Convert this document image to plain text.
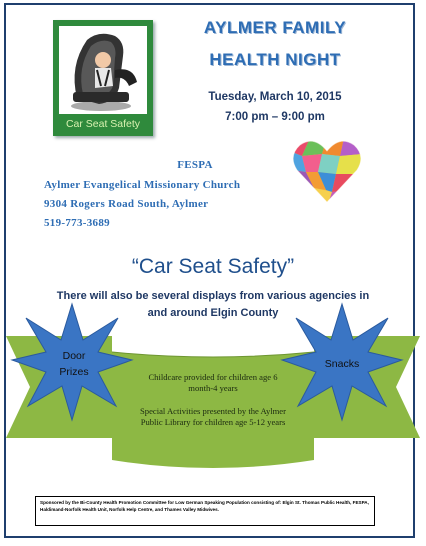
Car Seat Safety
AYLMER FAMILY
HEALTH NIGHT
Tuesday, March 10, 2015
7:00 pm – 9:00 pm
FESPA
Aylmer Evangelical Missionary Church
9304 Rogers Road South, Aylmer
519-773-3689
“Car Seat Safety”
There will also be several displays from various agencies in and around Elgin County
Door Prizes
Snacks
Childcare provided for children age 6 month-4 years
Special Activities presented by the Aylmer Public Library for children age 5-12 years
Sponsored by the Bi-County Health Promotion Committee for Low German Speaking Population consisting of: Elgin St. Thomas Public Health, FESPA, Haldimand-Norfolk Health Unit, Norfolk Help Centre, and Thames Valley Midwives.
